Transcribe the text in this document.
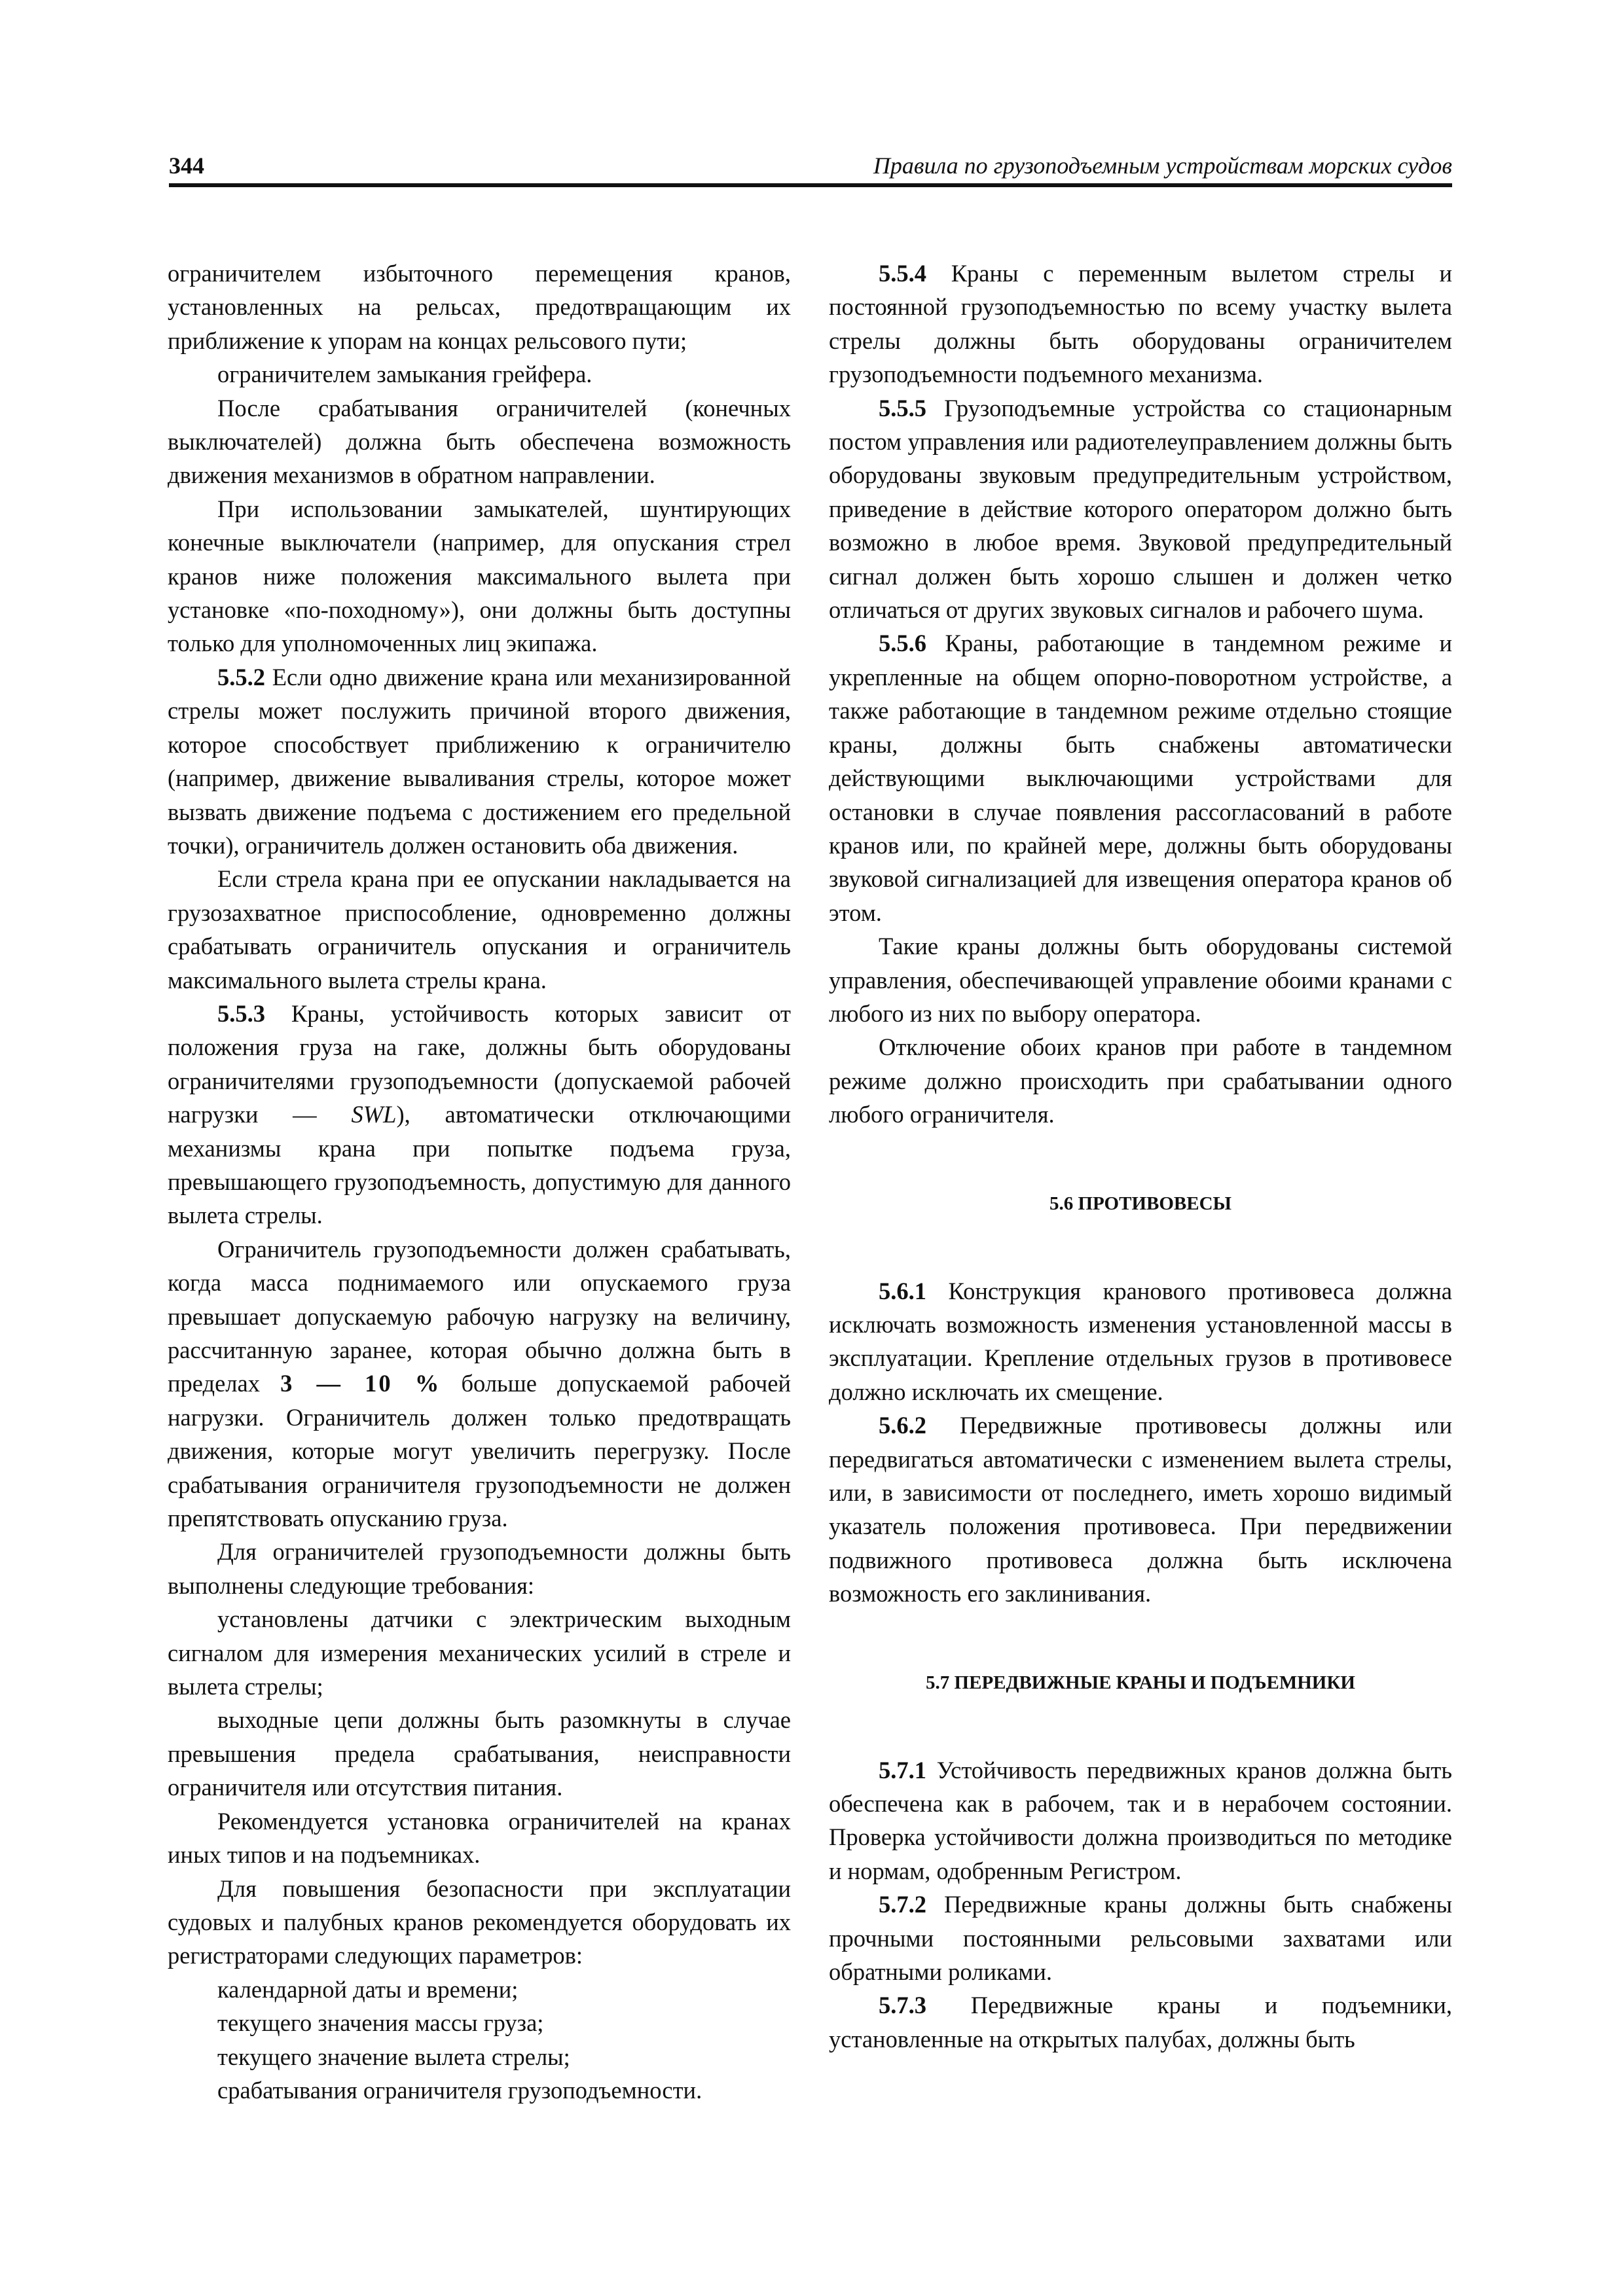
344	Правила по грузоподъемным устройствам морских судов

ограничителем избыточного перемещения кранов, установленных на рельсах, предотвращающим их приближение к упорам на концах рельсового пути;

ограничителем замыкания грейфера.

После срабатывания ограничителей (конечных выключателей) должна быть обеспечена возможность движения механизмов в обратном направлении.

При использовании замыкателей, шунтирующих конечные выключатели (например, для опускания стрел кранов ниже положения максимального вылета при установке «по-походному»), они должны быть доступны только для уполномоченных лиц экипажа.

5.5.2 Если одно движение крана или механизированной стрелы может послужить причиной второго движения, которое способствует приближению к ограничителю (например, движение вываливания стрелы, которое может вызвать движение подъема с достижением его предельной точки), ограничитель должен остановить оба движения.

Если стрела крана при ее опускании накладывается на грузозахватное приспособление, одновременно должны срабатывать ограничитель опускания и ограничитель максимального вылета стрелы крана.

5.5.3 Краны, устойчивость которых зависит от положения груза на гаке, должны быть оборудованы ограничителями грузоподъемности (допускаемой рабочей нагрузки — SWL), автоматически отключающими механизмы крана при попытке подъема груза, превышающего грузоподъемность, допустимую для данного вылета стрелы.

Ограничитель грузоподъемности должен срабатывать, когда масса поднимаемого или опускаемого груза превышает допускаемую рабочую нагрузку на величину, рассчитанную заранее, которая обычно должна быть в пределах 3 — 10 % больше допускаемой рабочей нагрузки. Ограничитель должен только предотвращать движения, которые могут увеличить перегрузку. После срабатывания ограничителя грузоподъемности не должен препятствовать опусканию груза.

Для ограничителей грузоподъемности должны быть выполнены следующие требования:

установлены датчики с электрическим выходным сигналом для измерения механических усилий в стреле и вылета стрелы;

выходные цепи должны быть разомкнуты в случае превышения предела срабатывания, неисправности ограничителя или отсутствия питания.

Рекомендуется установка ограничителей на кранах иных типов и на подъемниках.

Для повышения безопасности при эксплуатации судовых и палубных кранов рекомендуется оборудовать их регистраторами следующих параметров:

календарной даты и времени;

текущего значения массы груза;

текущего значение вылета стрелы;

срабатывания ограничителя грузоподъемности.

5.5.4 Краны с переменным вылетом стрелы и постоянной грузоподъемностью по всему участку вылета стрелы должны быть оборудованы ограничителем грузоподъемности подъемного механизма.

5.5.5 Грузоподъемные устройства со стационарным постом управления или радиотелеуправлением должны быть оборудованы звуковым предупредительным устройством, приведение в действие которого оператором должно быть возможно в любое время. Звуковой предупредительный сигнал должен быть хорошо слышен и должен четко отличаться от других звуковых сигналов и рабочего шума.

5.5.6 Краны, работающие в тандемном режиме и укрепленные на общем опорно-поворотном устройстве, а также работающие в тандемном режиме отдельно стоящие краны, должны быть снабжены автоматически действующими выключающими устройствами для остановки в случае появления рассогласований в работе кранов или, по крайней мере, должны быть оборудованы звуковой сигнализацией для извещения оператора кранов об этом.

Такие краны должны быть оборудованы системой управления, обеспечивающей управление обоими кранами с любого из них по выбору оператора.

Отключение обоих кранов при работе в тандемном режиме должно происходить при срабатывании одного любого ограничителя.

5.6 ПРОТИВОВЕСЫ

5.6.1 Конструкция кранового противовеса должна исключать возможность изменения установленной массы в эксплуатации. Крепление отдельных грузов в противовесе должно исключать их смещение.

5.6.2 Передвижные противовесы должны или передвигаться автоматически с изменением вылета стрелы, или, в зависимости от последнего, иметь хорошо видимый указатель положения противовеса. При передвижении подвижного противовеса должна быть исключена возможность его заклинивания.

5.7 ПЕРЕДВИЖНЫЕ КРАНЫ И ПОДЪЕМНИКИ

5.7.1 Устойчивость передвижных кранов должна быть обеспечена как в рабочем, так и в нерабочем состоянии. Проверка устойчивости должна производиться по методике и нормам, одобренным Регистром.

5.7.2 Передвижные краны должны быть снабжены прочными постоянными рельсовыми захватами или обратными роликами.

5.7.3 Передвижные краны и подъемники, установленные на открытых палубах, должны быть
